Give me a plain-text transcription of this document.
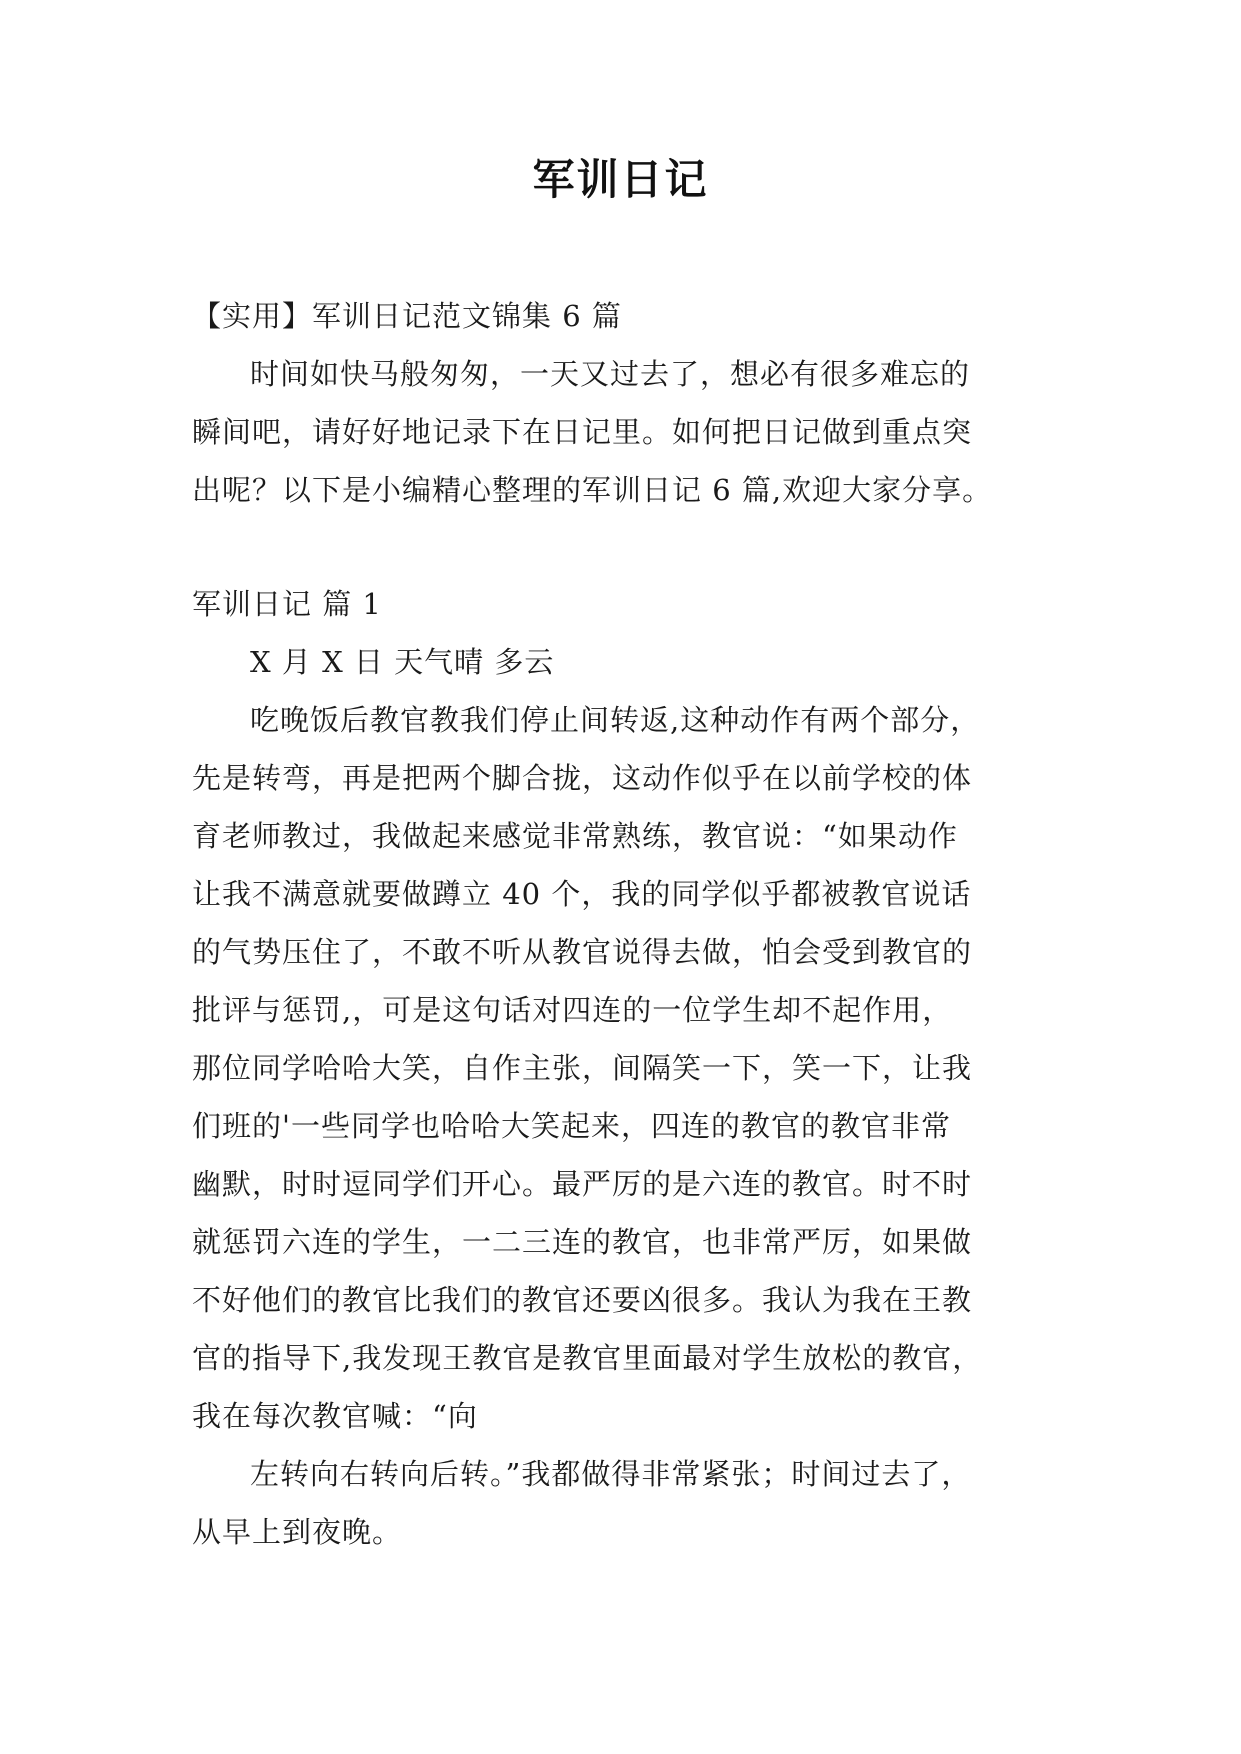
军训日记

【实用】军训日记范文锦集 6 篇

时间如快马般匆匆，一天又过去了，想必有很多难忘的
瞬间吧，请好好地记录下在日记里。如何把日记做到重点突
出呢？以下是小编精心整理的军训日记 6 篇,欢迎大家分享。

军训日记 篇 1

X 月 X 日 天气晴 多云

吃晚饭后教官教我们停止间转返,这种动作有两个部分，
先是转弯，再是把两个脚合拢，这动作似乎在以前学校的体
育老师教过，我做起来感觉非常熟练，教官说：“如果动作
让我不满意就要做蹲立 40 个，我的同学似乎都被教官说话
的气势压住了，不敢不听从教官说得去做，怕会受到教官的
批评与惩罚,，可是这句话对四连的一位学生却不起作用，
那位同学哈哈大笑，自作主张，间隔笑一下，笑一下，让我
们班的'一些同学也哈哈大笑起来，四连的教官的教官非常
幽默，时时逗同学们开心。最严厉的是六连的教官。时不时
就惩罚六连的学生，一二三连的教官，也非常严厉，如果做
不好他们的教官比我们的教官还要凶很多。我认为我在王教
官的指导下,我发现王教官是教官里面最对学生放松的教官，
我在每次教官喊：“向

左转向右转向后转。”我都做得非常紧张；时间过去了，
从早上到夜晚。
